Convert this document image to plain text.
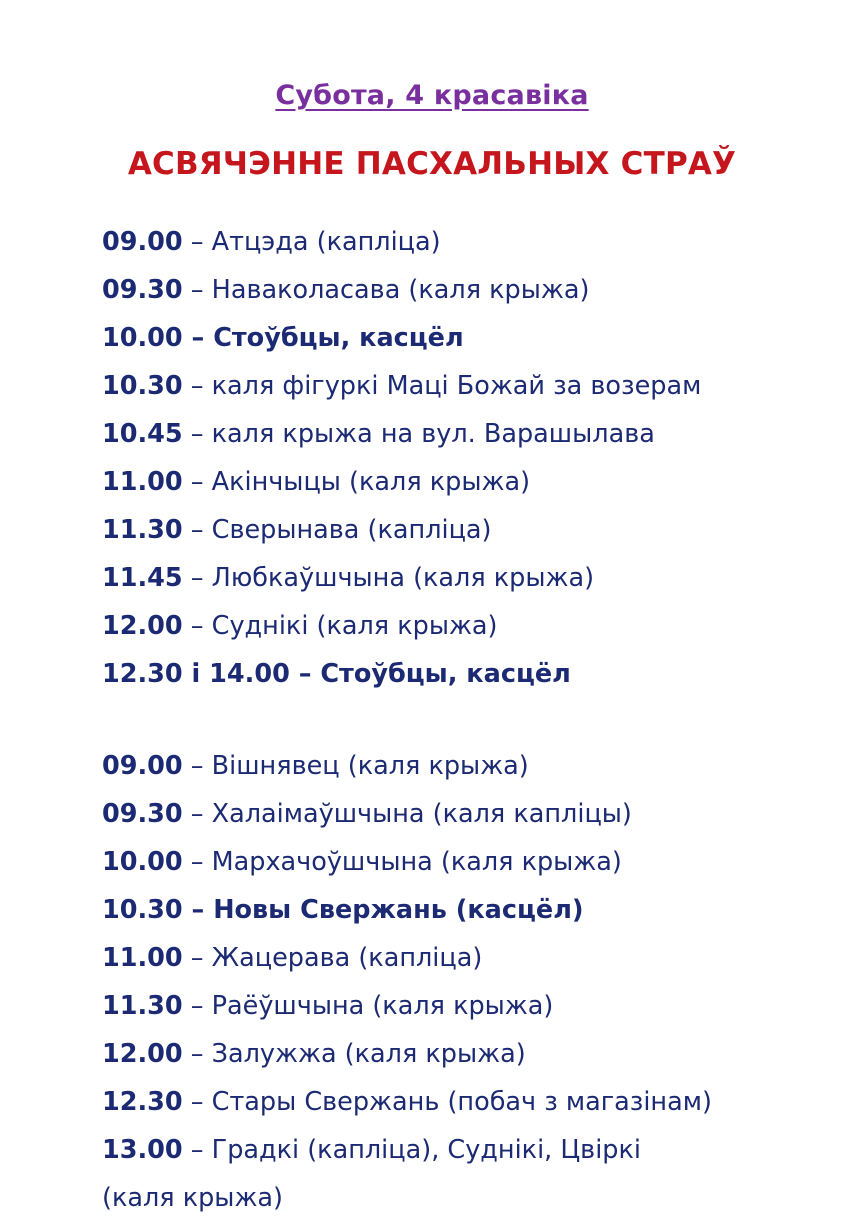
Субота, 4 красавіка
АСВЯЧЭННЕ ПАСХАЛЬНЫХ СТРАЎ
09.00 – Атцэда (капліца)
09.30 – Наваколасава (каля крыжа)
10.00 – Стоўбцы, касцёл
10.30 – каля фігуркі Маці Божай за возерам
10.45 – каля крыжа на вул. Варашылава
11.00 – Акінчыцы (каля крыжа)
11.30 – Сверынава (капліца)
11.45 – Любкаўшчына (каля крыжа)
12.00 – Суднікі (каля крыжа)
12.30 і 14.00 – Стоўбцы, касцёл
09.00 – Вішнявец (каля крыжа)
09.30 – Халаімаўшчына (каля капліцы)
10.00 – Мархачоўшчына (каля крыжа)
10.30 – Новы Свержань (касцёл)
11.00 – Жацерава (капліца)
11.30 – Раёўшчына (каля крыжа)
12.00 – Залужжа (каля крыжа)
12.30 – Стары Свержань (побач з магазінам)
13.00 – Градкі (капліца), Суднікі, Цвіркі
(каля крыжа)
